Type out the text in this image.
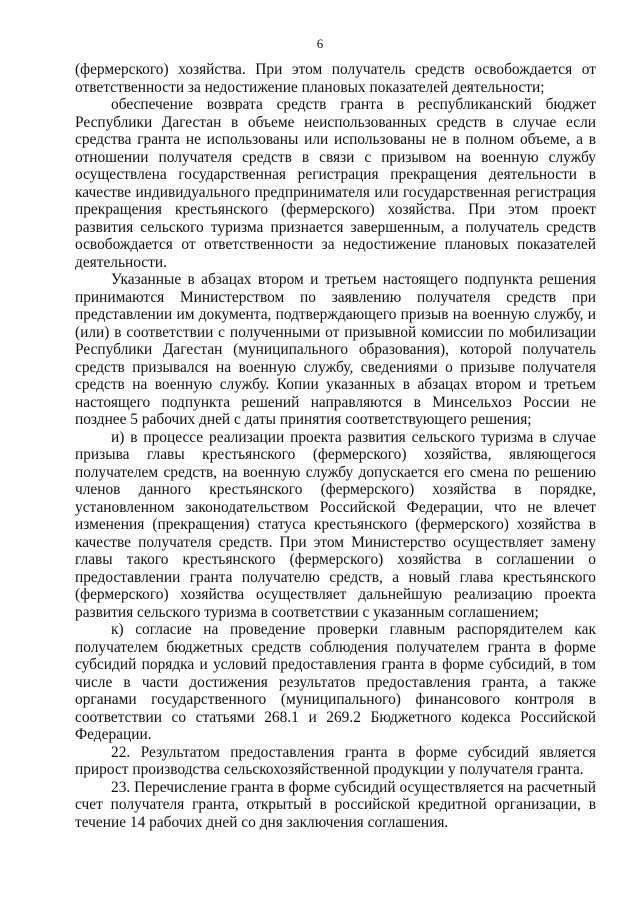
6

(фермерского) хозяйства. При этом получатель средств освобождается от ответственности за недостижение плановых показателей деятельности;

обеспечение возврата средств гранта в республиканский бюджет Республики Дагестан в объеме неиспользованных средств в случае если средства гранта не использованы или использованы не в полном объеме, а в отношении получателя средств в связи с призывом на военную службу осуществлена государственная регистрация прекращения деятельности в качестве индивидуального предпринимателя или государственная регистрация прекращения крестьянского (фермерского) хозяйства. При этом проект развития сельского туризма признается завершенным, а получатель средств освобождается от ответственности за недостижение плановых показателей деятельности.

Указанные в абзацах втором и третьем настоящего подпункта решения принимаются Министерством по заявлению получателя средств при представлении им документа, подтверждающего призыв на военную службу, и (или) в соответствии с полученными от призывной комиссии по мобилизации Республики Дагестан (муниципального образования), которой получатель средств призывался на военную службу, сведениями о призыве получателя средств на военную службу. Копии указанных в абзацах втором и третьем настоящего подпункта решений направляются в Минсельхоз России не позднее 5 рабочих дней с даты принятия соответствующего решения;

и) в процессе реализации проекта развития сельского туризма в случае призыва главы крестьянского (фермерского) хозяйства, являющегося получателем средств, на военную службу допускается его смена по решению членов данного крестьянского (фермерского) хозяйства в порядке, установленном законодательством Российской Федерации, что не влечет изменения (прекращения) статуса крестьянского (фермерского) хозяйства в качестве получателя средств. При этом Министерство осуществляет замену главы такого крестьянского (фермерского) хозяйства в соглашении о предоставлении гранта получателю средств, а новый глава крестьянского (фермерского) хозяйства осуществляет дальнейшую реализацию проекта развития сельского туризма в соответствии с указанным соглашением;

к) согласие на проведение проверки главным распорядителем как получателем бюджетных средств соблюдения получателем гранта в форме субсидий порядка и условий предоставления гранта в форме субсидий, в том числе в части достижения результатов предоставления гранта, а также органами государственного (муниципального) финансового контроля в соответствии со статьями 268.1 и 269.2 Бюджетного кодекса Российской Федерации.

22. Результатом предоставления гранта в форме субсидий является прирост производства сельскохозяйственной продукции у получателя гранта.

23. Перечисление гранта в форме субсидий осуществляется на расчетный счет получателя гранта, открытый в российской кредитной организации, в течение 14 рабочих дней со дня заключения соглашения.
